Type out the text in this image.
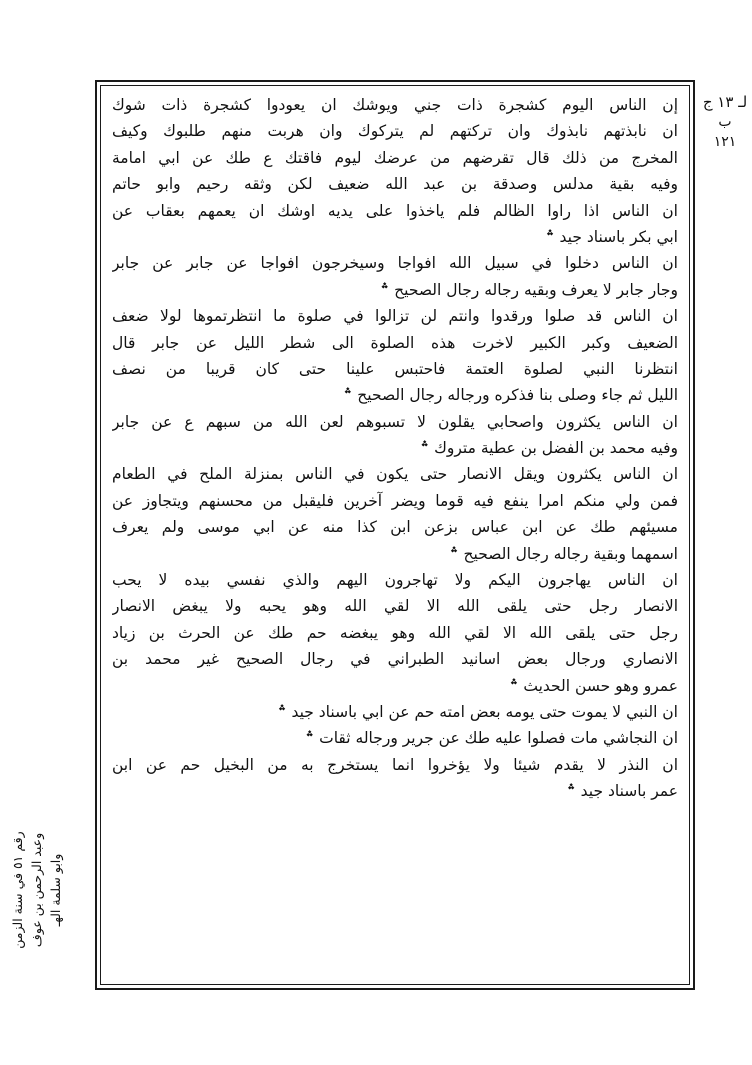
لـ ١٣ ج
ب
١٢١
إن الناس اليوم كشجرة ذات جني ويوشك ان يعودوا كشجرة ذات شوك
ان نابذتهم نابذوك وان تركتهم لم يتركوك وان هربت منهم طلبوك وكيف
المخرج من ذلك قال تقرضهم من عرضك ليوم فاقتك ع طك عن ابي امامة
وفيه بقية مدلس وصدقة بن عبد الله ضعيف لكن وثقه رحيم وابو حاتم
ان الناس اذا راوا الظالم فلم ياخذوا على يديه اوشك ان يعمهم بعقاب عن
ابي بكر باسناد جيد ؞
ان الناس دخلوا في سبيل الله افواجا وسيخرجون افواجا عن جابر عن جابر
وجار جابر لا يعرف وبقيه رجاله رجال الصحيح ؞
ان الناس قد صلوا ورقدوا وانتم لن تزالوا في صلوة ما انتظرتموها لولا ضعف
الضعيف وكبر الكبير لاخرت هذه الصلوة الى شطر الليل عن جابر قال
انتظرنا النبي لصلوة العتمة فاحتبس علينا حتى كان قريبا من نصف
الليل ثم جاء وصلى بنا فذكره ورجاله رجال الصحيح ؞
ان الناس يكثرون واصحابي يقلون لا تسبوهم لعن الله من سبهم ع عن جابر
وفيه محمد بن الفضل بن عطية متروك ؞
ان الناس يكثرون ويقل الانصار حتى يكون في الناس بمنزلة الملح في الطعام
فمن ولي منكم امرا ينفع فيه قوما ويضر آخرين فليقبل من محسنهم ويتجاوز عن
مسيئهم طك عن ابن عباس بزعن ابن كذا منه عن ابي موسى ولم يعرف
اسمهما وبقية رجاله رجال الصحيح ؞
ان الناس يهاجرون اليكم ولا تهاجرون اليهم والذي نفسي بيده لا يحب
الانصار رجل حتى يلقى الله الا لقي الله وهو يحبه ولا يبغض الانصار
رجل حتى يلقى الله الا لقي الله وهو يبغضه حم طك عن الحرث بن زياد
الانصاري ورجال بعض اسانيد الطبراني في رجال الصحيح غير محمد بن
عمرو وهو حسن الحديث ؞
ان النبي لا يموت حتى يومه بعض امته حم عن ابي باسناد جيد ؞
ان النجاشي مات فصلوا عليه طك عن جرير ورجاله ثقات ؞
ان النذر لا يقدم شيئا ولا يؤخروا انما يستخرج به من البخيل حم عن ابن
عمر باسناد جيد ؞
رقم ٥١ في سنة الزمن وعبد الرحمن بن عوف وابو سلمة الهـ
